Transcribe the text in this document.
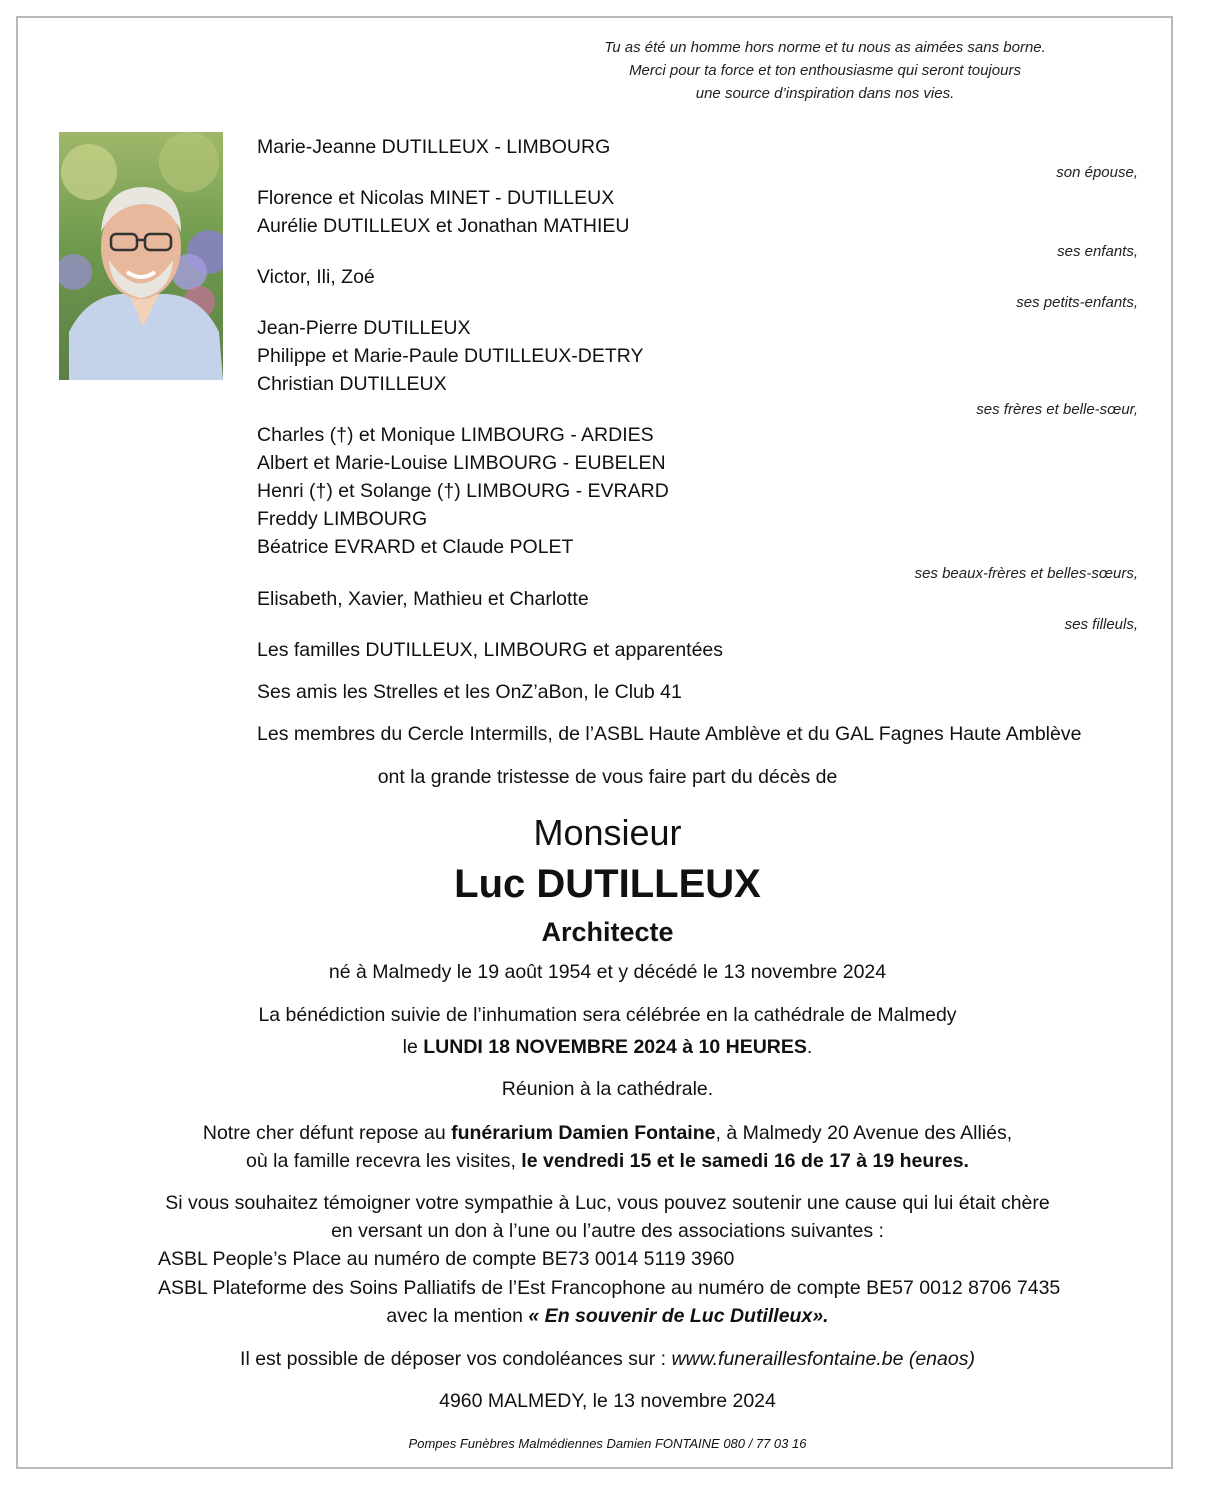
Tu as été un homme hors norme et tu nous as aimées sans borne.
Merci pour ta force et ton enthousiasme qui seront toujours
une source d’inspiration dans nos vies.
Marie-Jeanne DUTILLEUX - LIMBOURG
son épouse,
Florence et Nicolas MINET - DUTILLEUX
Aurélie DUTILLEUX et Jonathan MATHIEU
ses enfants,
Victor, Ili, Zoé
ses petits-enfants,
Jean-Pierre DUTILLEUX
Philippe et Marie-Paule DUTILLEUX-DETRY
Christian DUTILLEUX
ses frères et belle-sœur,
Charles (†) et Monique LIMBOURG - ARDIES
Albert et Marie-Louise LIMBOURG - EUBELEN
Henri (†) et Solange (†) LIMBOURG - EVRARD
Freddy LIMBOURG
Béatrice EVRARD et Claude POLET
ses beaux-frères et belles-sœurs,
Elisabeth, Xavier, Mathieu et Charlotte
ses filleuls,
Les familles DUTILLEUX, LIMBOURG et apparentées
Ses amis les Strelles et les OnZ’aBon, le Club 41
Les membres du Cercle Intermills, de l’ASBL Haute Amblève et du GAL Fagnes Haute Amblève
ont la grande tristesse de vous faire part du décès de
Monsieur
Luc DUTILLEUX
Architecte
né à Malmedy le 19 août 1954 et y décédé le 13 novembre 2024
La bénédiction suivie de l’inhumation sera célébrée en la cathédrale de Malmedy
le LUNDI 18 NOVEMBRE 2024 à 10 HEURES.
Réunion à la cathédrale.
Notre cher défunt repose au funérarium Damien Fontaine, à Malmedy 20 Avenue des Alliés,
où la famille recevra les visites, le vendredi 15 et le samedi 16 de 17 à 19 heures.
Si vous souhaitez témoigner votre sympathie à Luc, vous pouvez soutenir une cause qui lui était chère
en versant un don à l’une ou l’autre des associations suivantes :
ASBL People’s Place au numéro de compte BE73 0014 5119 3960
ASBL Plateforme des Soins Palliatifs de l’Est Francophone au numéro de compte BE57 0012 8706 7435
avec la mention « En souvenir de Luc Dutilleux».
Il est possible de déposer vos condoléances sur : www.funeraillesfontaine.be (enaos)
4960 MALMEDY, le 13 novembre 2024
Pompes Funèbres Malmédiennes Damien FONTAINE 080 / 77 03 16
